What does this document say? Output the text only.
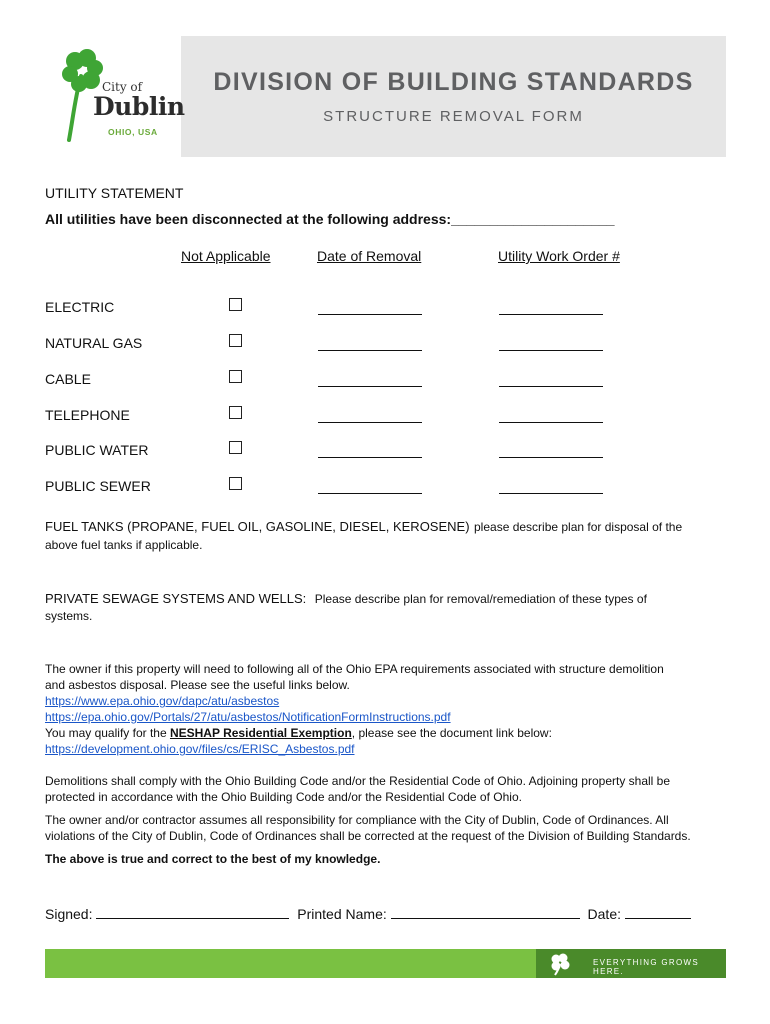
City of
Dublin
OHIO, USA
DIVISION OF BUILDING STANDARDS
STRUCTURE REMOVAL FORM
UTILITY STATEMENT
All utilities have been disconnected at the following address:_____________________
Not Applicable	Date of Removal	Utility Work Order #
ELECTRIC
NATURAL GAS
CABLE
TELEPHONE
PUBLIC WATER
PUBLIC SEWER
FUEL TANKS (PROPANE, FUEL OIL, GASOLINE, DIESEL, KEROSENE) please describe plan for disposal of the
above fuel tanks if applicable.
PRIVATE SEWAGE SYSTEMS AND WELLS: Please describe plan for removal/remediation of these types of
systems.
The owner if this property will need to following all of the Ohio EPA requirements associated with structure demolition
and asbestos disposal. Please see the useful links below.
https://www.epa.ohio.gov/dapc/atu/asbestos
https://epa.ohio.gov/Portals/27/atu/asbestos/NotificationFormInstructions.pdf
You may qualify for the NESHAP Residential Exemption, please see the document link below:
https://development.ohio.gov/files/cs/ERISC_Asbestos.pdf
Demolitions shall comply with the Ohio Building Code and/or the Residential Code of Ohio. Adjoining property shall be
protected in accordance with the Ohio Building Code and/or the Residential Code of Ohio.
The owner and/or contractor assumes all responsibility for compliance with the City of Dublin, Code of Ordinances. All
violations of the City of Dublin, Code of Ordinances shall be corrected at the request of the Division of Building Standards.
The above is true and correct to the best of my knowledge.
Signed:	Printed Name:	Date:
EVERYTHING GROWS HERE.
